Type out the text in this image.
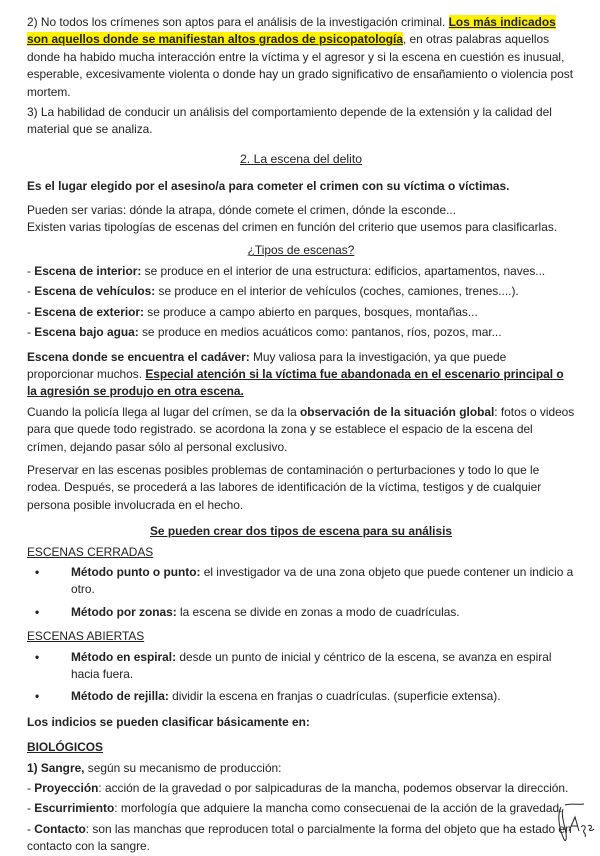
2) No todos los crímenes son aptos para el análisis de la investigación criminal. Los más indicados son aquellos donde se manifiestan altos grados de psicopatología, en otras palabras aquellos donde ha habido mucha interacción entre la víctima y el agresor y si la escena en cuestión es inusual, esperable, excesivamente violenta o donde hay un grado significativo de ensañamiento o violencia post mortem.

3) La habilidad de conducir un análisis del comportamiento depende de la extensión y la calidad del material que se analiza.

2. La escena del delito

Es el lugar elegido por el asesino/a para cometer el crimen con su víctima o víctimas.

Pueden ser varias: dónde la atrapa, dónde comete el crimen, dónde la esconde...

Existen varias tipologías de escenas del crimen en función del criterio que usemos para clasificarlas.

¿Tipos de escenas?

- Escena de interior: se produce en el interior de una estructura: edificios, apartamentos, naves...

- Escena de vehículos: se produce en el interior de vehículos (coches, camiones, trenes....).

- Escena de exterior: se produce a campo abierto en parques, bosques, montañas...

- Escena bajo agua: se produce en medios acuáticos como: pantanos, ríos, pozos, mar...

Escena donde se encuentra el cadáver: Muy valiosa para la investigación, ya que puede proporcionar muchos. Especial atención si la víctima fue abandonada en el escenario principal o la agresión se produjo en otra escena.

Cuando la policía llega al lugar del crímen, se da la observación de la situación global: fotos o videos para que quede todo registrado. se acordona la zona y se establece el espacio de la escena del crímen, dejando pasar sólo al personal exclusivo.

Preservar en las escenas posibles problemas de contaminación o perturbaciones y todo lo que le rodea. Después, se procederá a las labores de identificación de la víctima, testigos y de cualquier persona posible involucrada en el hecho.

Se pueden crear dos tipos de escena para su análisis

ESCENAS CERRADAS

• Método punto o punto: el investigador va de una zona objeto que puede contener un indicio a otro.
• Método por zonas: la escena se divide en zonas a modo de cuadrículas.

ESCENAS ABIERTAS

• Método en espiral: desde un punto de inicial y céntrico de la escena, se avanza en espiral hacia fuera.
• Método de rejilla: dividir la escena en franjas o cuadrículas. (superficie extensa).

Los indicios se pueden clasificar básicamente en:

BIOLÓGICOS

1) Sangre, según su mecanismo de producción:

- Proyección: acción de la gravedad o por salpicaduras de la mancha, podemos observar la dirección.

- Escurrimiento: morfología que adquiere la mancha como consecuenai de la acción de la gravedad.

- Contacto: son las manchas que reproducen total o parcialmente la forma del objeto que ha estado en contacto con la sangre.
